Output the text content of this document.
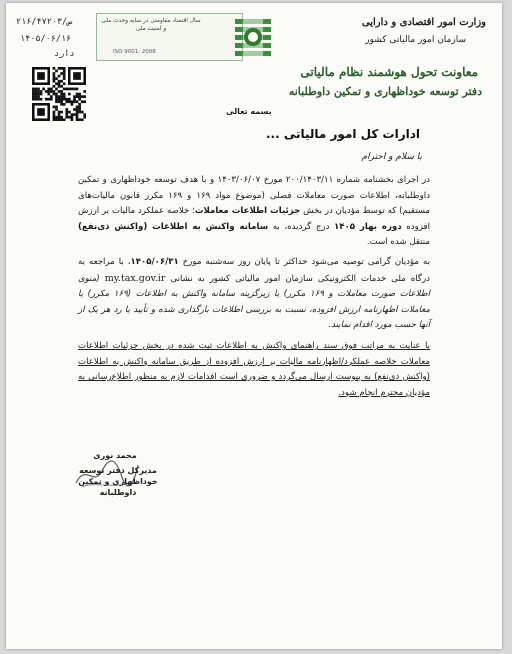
۲۱۶/۴۷۲۰۳/ص
۱۴۰۵/۰۶/۱۶
دارد
سال اقتصاد مقاومتی در سایه وحدت ملی و امنیت ملی
ISO 9001: 2008
وزارت امور اقتصادی و دارایی
سازمان امور مالیاتی کشور
معاونت تحول هوشمند نظام مالیاتی
دفتر توسعه خوداظهاری و تمکین داوطلبانه
بسمه تعالی
ادارات کل امور مالیاتی ...
با سلام و احترام
در اجرای بخشنامه شماره ۲۰۰/۱۴۰۳/۱۱ مورخ ۱۴۰۳/۰۶/۰۷ و با هدف توسعه خوداظهاری و تمکین داوطلبانه، اطلاعات صورت معاملات فصلی (موضوع مواد ۱۶۹ و ۱۶۹ مکرر قانون مالیات‌های مستقیم) که توسط مؤدیان در بخش جزئیات اطلاعات معاملات؛ خلاصه عملکرد مالیات بر ارزش افزوده دوره بهار ۱۴۰۵ درج گردیده، به سامانه واکنش به اطلاعات (واکنش ذی‌نفع) منتقل شده است.
به مؤدیان گرامی توصیه می‌شود حداکثر تا پایان روز سه‌شنبه مورخ ۱۴۰۵/۰۶/۳۱، با مراجعه به درگاه ملی خدمات الکترونیکی سازمان امور مالیاتی کشور به نشانی my.tax.gov.ir (منوی اطلاعات صورت معاملات و ۱۶۹ مکرر) یا زیرگزینه سامانه واکنش به اطلاعات (۱۶۹ مکرر) یا معاملات اظهارنامه ارزش افزوده، نسبت به بررسی اطلاعات بارگذاری شده و تأیید یا رد هر یک از آنها حسب مورد اقدام نمایند.
با عنایت به مراتب فوق سند راهنمای واکنش به اطلاعات ثبت شده در بخش جزئیات اطلاعات معاملات خلاصه عملکرد/اظهارنامه مالیات بر ارزش افزوده از طریق سامانه واکنش به اطلاعات (واکنش ذی‌نفع) به پیوست ارسال می‌گردد و ضروری است اقدامات لازم به منظور اطلاع‌رسانی به مؤدیان محترم انجام شود.
محمد نوری
مدیرکل دفتر توسعه خوداظهاری و تمکین داوطلبانه
